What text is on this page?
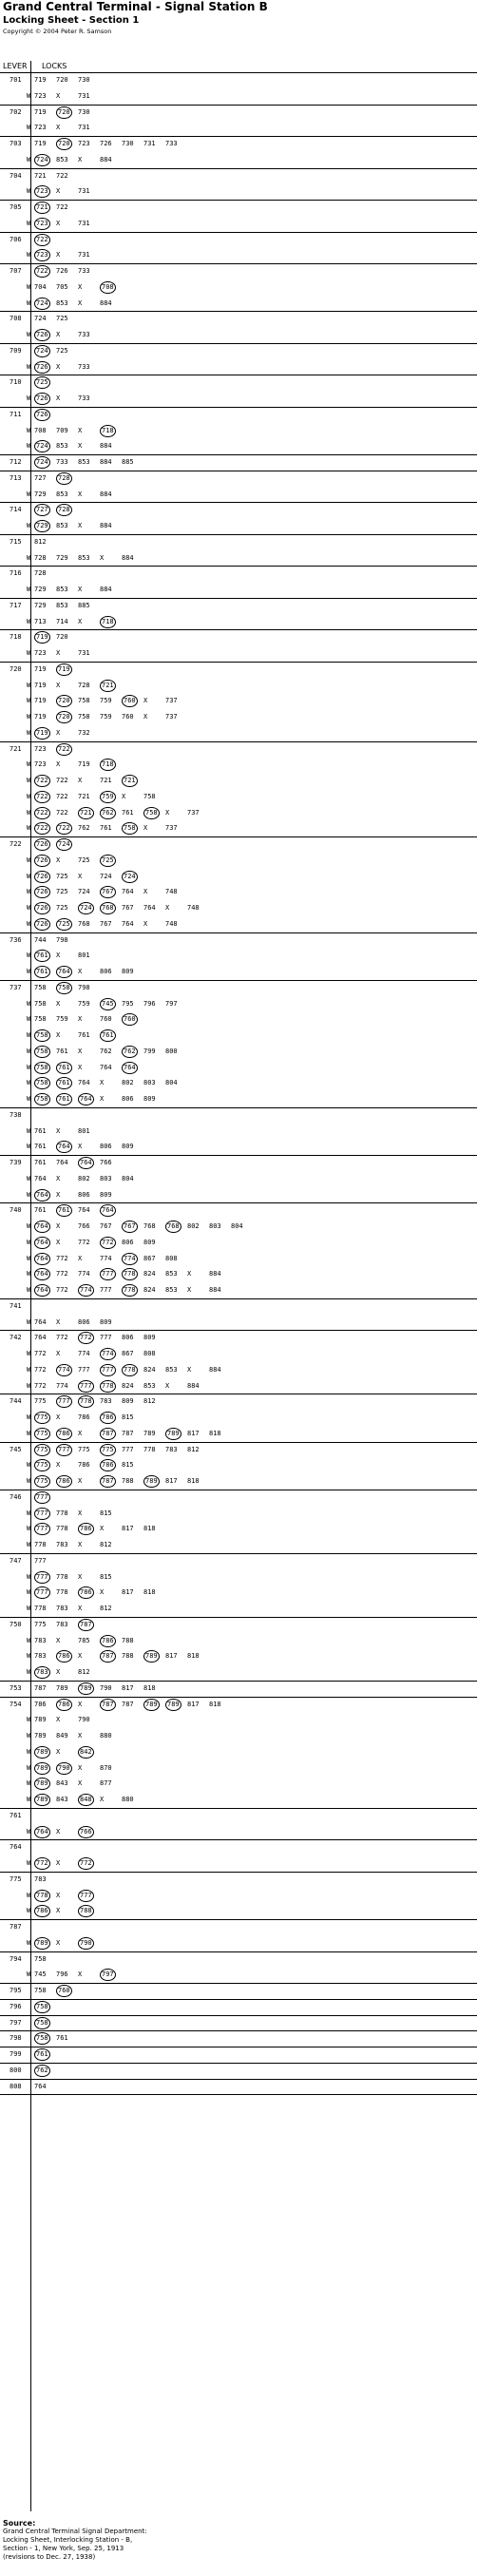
Grand Central Terminal - Signal Station B
Locking Sheet - Section 1
Copyright © 2004 Peter R. Samson
LEVER LOCKS
701 719 720 730
W 723 X	731
702 719 720 730
W 723 X	731
703 719 720 723 726 730 731 733
W 724 853 X	884
704 721 722
W 723 X	731
705 721 722
W 723 X	731
706 722
W 723 X	731
707 722 726 733
W 704 705 X	708
W 724 853 X	884
708 724 725
W 726 X	733
709 724 725
W 726 X	733
710 725
W 726 X	733
711 726
W 708 709 X	718
W 724 853 X	884
712 724 733 853 884 885
713 727 728
W 729 853 X	884
714 727 728
W 729 853 X	884
715 812
W 728 729 853 X	884
716 728
W 729 853 X	884
717 729 853 885
W 713 714 X	718
718 719 720
W 723 X	731
720 719 719
W 719 X	728 721
W 719 720 758 759 760 X	737
W 719 720 758 759 760 X	737
W 719 X	732
721 723 722
W 723 X	719 718
W 722 722 X	721 721
W 722 722 721 759 X	758
W 722 722 721 762 761 758 X	737
W 722 722 762 761 758 X	737
722 726 724
W 726 X	725 725
W 726 725 X	724 724
W 726 725 724 767 764 X	748
W 726 725 724 768 767 764 X	748
W 726 725 768 767 764 X	748
736 744 798
W 761 X	801
W 761 764 X	806 809
737 758 758 798
W 758 X	759 745 795 796 797
W 758 759 X	760 760
W 758 X	761 761
W 758 761 X	762 762 799 800
W 758 761 X	764 764
W 758 761 764 X	802 803 804
W 758 761 764 X	806 809
738
W 761 X	801
W 761 764 X	806 809
739 761 764 764 766
W 764 X	802 803 804
W 764 X	806 809
740 761 761 764 764
W 764 X	766 767 767 768 768 802 803 804
W 764 X	772 772 806 809
W 764 772 X	774 774 867 808
W 764 772 774 777 778 824 853 X	884
W 764 772 774 777 778 824 853 X	884
741
W 764 X	806 809
742 764 772 772 777 806 809
W 772 X	774 774 867 808
W 772 774 777 777 778 824 853 X	884
W 772 774 777 778 824 853 X	884
744 775 777 778 783 809 812
W 775 X	786 786 815
W 775 786 X	787 787 789 789 817 818
745 775 777 775 775 777 778 783 812
W 775 X	786 786 815
W 775 786 X	787 788 789 817 818
746 777
W 777 778 X	815
W 777 778 786 X	817 818
W 778 783 X	812
747 777
W 777 778 X	815
W 777 778 786 X	817 818
W 778 783 X	812
750 775 783 787
W 783 X	785 786 788
W 783 786 X	787 788 789 817 818
W 783 X	812
753 787 789 789 790 817 818
754 786 786 X	787 787 789 789 817 818
W 789 X	790
W 789 849 X	880
W 789 X	842
W 789 790 X	870
W 789 843 X	877
W 789 843 848 X	880
761
W 764 X	766
764
W 772 X	772
775 783
W 778 X	777
W 786 X	788
787
W 789 X	790
794 758
W 745 796 X	797
795 758 760
796 758
797 758
798 758 761
799 761
800 762
808 764
Source:
Grand Central Terminal Signal Department:
Locking Sheet, Interlocking Station - B,
Section - 1, New York, Sep. 25, 1913
(revisions to Dec. 27, 1938)
